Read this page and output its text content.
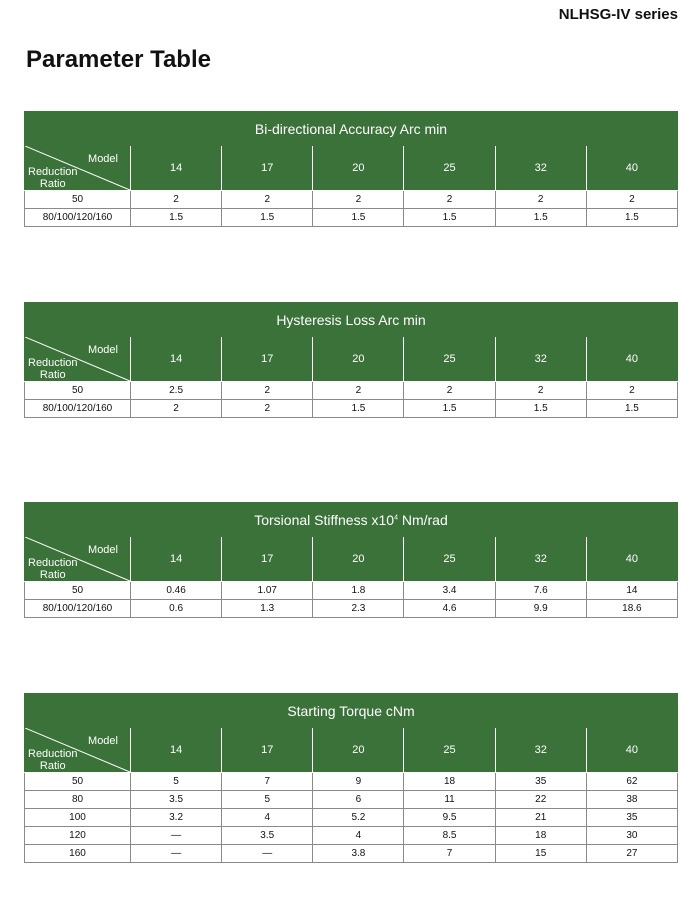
NLHSG-IV series
Parameter Table
Bi-directional Accuracy Arc min						

Model
Reduction
Ratio	14	17	20	25	32	40
50	2	2	2	2	2	2
80/100/120/160	1.5	1.5	1.5	1.5	1.5	1.5
Hysteresis Loss Arc min						

Model
Reduction
Ratio	14	17	20	25	32	40
50	2.5	2	2	2	2	2
80/100/120/160	2	2	1.5	1.5	1.5	1.5
Torsional Stiffness $x10^4$ Nm/rad						

Model
Reduction
Ratio	14	17	20	25	32	40
50	0.46	1.07	1.8	3.4	7.6	14
80/100/120/160	0.6	1.3	2.3	4.6	9.9	18.6
Starting Torque cNm						

Model
Reduction
Ratio	14	17	20	25	32	40
50	5	7	9	18	35	62
80	3.5	5	6	11	22	38
100	3.2	4	5.2	9.5	21	35
120	—	3.5	4	8.5	18	30
160	—	—	3.8	7	15	27
